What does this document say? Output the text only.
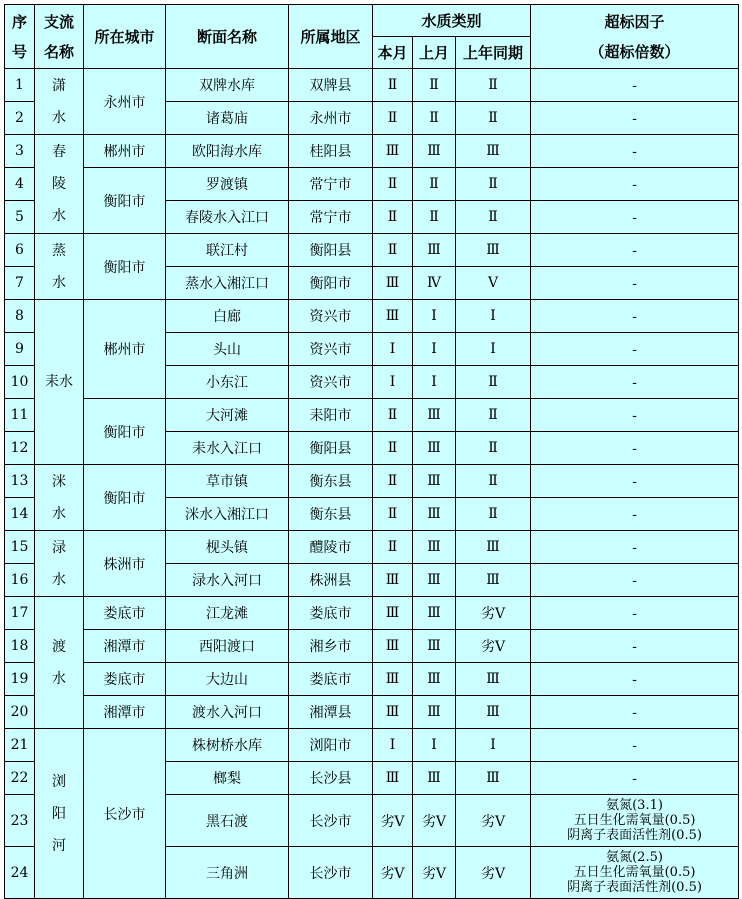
序
号	支流
名称	所在城市	断面名称	所属地区	水质类别			超标因子
（超标倍数）

					本月	上月	上年同期	
1	潇
水	永州市	双牌水库	双牌县	Ⅱ	Ⅱ	Ⅱ	-
2			诸葛庙	永州市	Ⅱ	Ⅱ	Ⅱ	-
3	春
陵
水	郴州市	欧阳海水库	桂阳县	Ⅲ	Ⅲ	Ⅲ	-
4		衡阳市	罗渡镇	常宁市	Ⅱ	Ⅱ	Ⅱ	-
5			春陵水入江口	常宁市	Ⅱ	Ⅱ	Ⅱ	-
6	蒸
水	衡阳市	联江村	衡阳县	Ⅱ	Ⅲ	Ⅲ	-
7			蒸水入湘江口	衡阳市	Ⅲ	Ⅳ	Ⅴ	-
8	耒水	郴州市	白廊	资兴市	Ⅲ	Ⅰ	Ⅰ	-
9			头山	资兴市	Ⅰ	Ⅰ	Ⅰ	-
10			小东江	资兴市	Ⅰ	Ⅰ	Ⅱ	-
11		衡阳市	大河滩	耒阳市	Ⅱ	Ⅲ	Ⅱ	-
12			耒水入江口	衡阳县	Ⅱ	Ⅲ	Ⅱ	-
13	洣
水	衡阳市	草市镇	衡东县	Ⅱ	Ⅲ	Ⅱ	-
14			洣水入湘江口	衡东县	Ⅱ	Ⅲ	Ⅱ	-
15	渌
水	株洲市	枧头镇	醴陵市	Ⅱ	Ⅲ	Ⅲ	-
16			渌水入河口	株洲县	Ⅲ	Ⅲ	Ⅲ	-
17	渡
水	娄底市	江龙滩	娄底市	Ⅲ	Ⅲ	劣Ⅴ	-
18		湘潭市	西阳渡口	湘乡市	Ⅲ	Ⅲ	劣Ⅴ	-
19		娄底市	大边山	娄底市	Ⅲ	Ⅲ	Ⅲ	-
20		湘潭市	渡水入河口	湘潭县	Ⅲ	Ⅲ	Ⅲ	-
21	浏
阳
河	长沙市	株树桥水库	浏阳市	Ⅰ	Ⅰ	Ⅰ	-
22			榔梨	长沙县	Ⅲ	Ⅲ	Ⅲ	-
23			黑石渡	长沙市	劣Ⅴ	劣Ⅴ	劣Ⅴ	氨氮(3.1)
五日生化需氧量(0.5)
阴离子表面活性剂(0.5)

24			三角洲	长沙市	劣Ⅴ	劣Ⅴ	劣Ⅴ	氨氮(2.5)
五日生化需氧量(0.5)
阴离子表面活性剂(0.5)
